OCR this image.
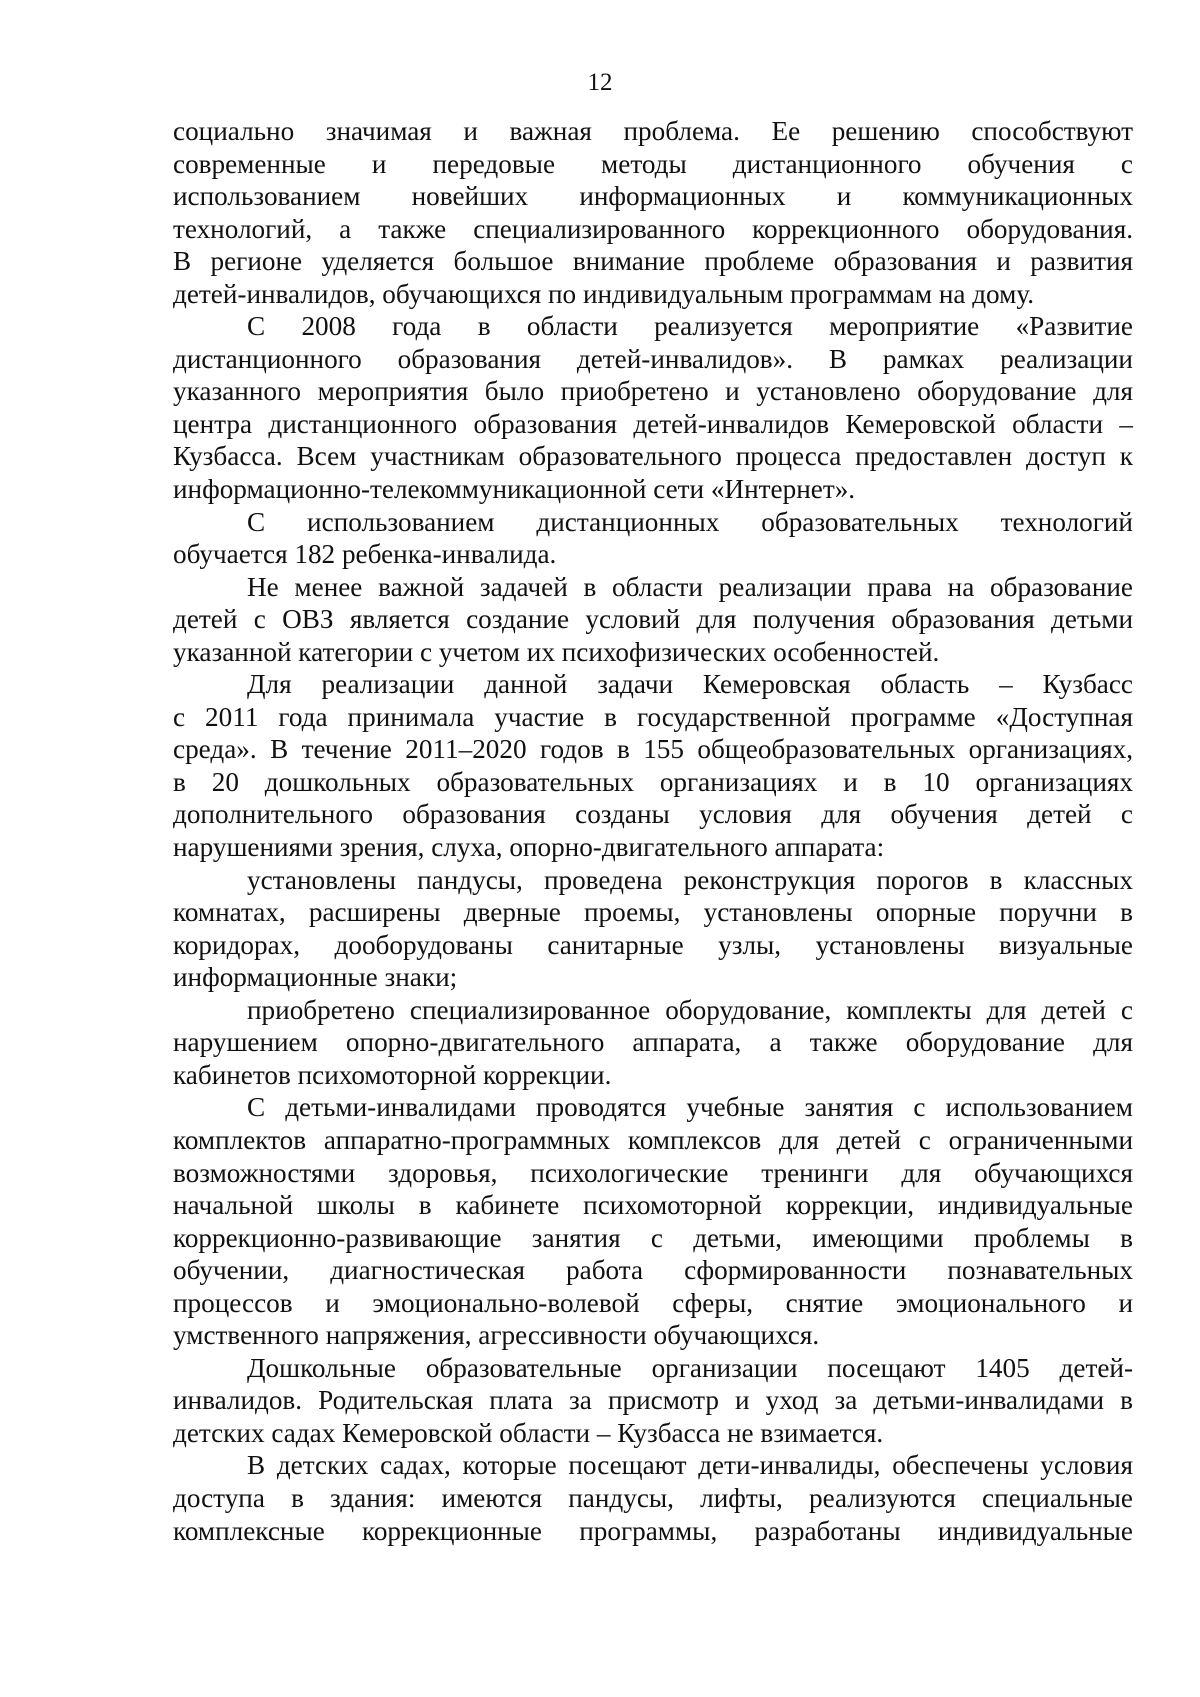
12
социально значимая и важная проблема. Ее решению способствуют
современные и передовые методы дистанционного обучения с
использованием новейших информационных и коммуникационных
технологий, а также специализированного коррекционного оборудования.
В регионе уделяется большое внимание проблеме образования и развития
детей-инвалидов, обучающихся по индивидуальным программам на дому.
С 2008 года в области реализуется мероприятие «Развитие
дистанционного образования детей-инвалидов». В рамках реализации
указанного мероприятия было приобретено и установлено оборудование для
центра дистанционного образования детей-инвалидов Кемеровской области –
Кузбасса. Всем участникам образовательного процесса предоставлен доступ к
информационно-телекоммуникационной сети «Интернет».
С использованием дистанционных образовательных технологий
обучается 182 ребенка-инвалида.
Не менее важной задачей в области реализации права на образование
детей с ОВЗ является создание условий для получения образования детьми
указанной категории с учетом их психофизических особенностей.
Для реализации данной задачи Кемеровская область – Кузбасс
с 2011 года принимала участие в государственной программе «Доступная
среда». В течение 2011–2020 годов в 155 общеобразовательных организациях,
в 20 дошкольных образовательных организациях и в 10 организациях
дополнительного образования созданы условия для обучения детей с
нарушениями зрения, слуха, опорно-двигательного аппарата:
установлены пандусы, проведена реконструкция порогов в классных
комнатах, расширены дверные проемы, установлены опорные поручни в
коридорах, дооборудованы санитарные узлы, установлены визуальные
информационные знаки;
приобретено специализированное оборудование, комплекты для детей с
нарушением опорно-двигательного аппарата, а также оборудование для
кабинетов психомоторной коррекции.
С детьми-инвалидами проводятся учебные занятия с использованием
комплектов аппаратно-программных комплексов для детей с ограниченными
возможностями здоровья, психологические тренинги для обучающихся
начальной школы в кабинете психомоторной коррекции, индивидуальные
коррекционно-развивающие занятия с детьми, имеющими проблемы в
обучении, диагностическая работа сформированности познавательных
процессов и эмоционально-волевой сферы, снятие эмоционального и
умственного напряжения, агрессивности обучающихся.
Дошкольные образовательные организации посещают 1405 детей-
инвалидов. Родительская плата за присмотр и уход за детьми-инвалидами в
детских садах Кемеровской области – Кузбасса не взимается.
В детских садах, которые посещают дети-инвалиды, обеспечены условия
доступа в здания: имеются пандусы, лифты, реализуются специальные
комплексные коррекционные программы, разработаны индивидуальные
